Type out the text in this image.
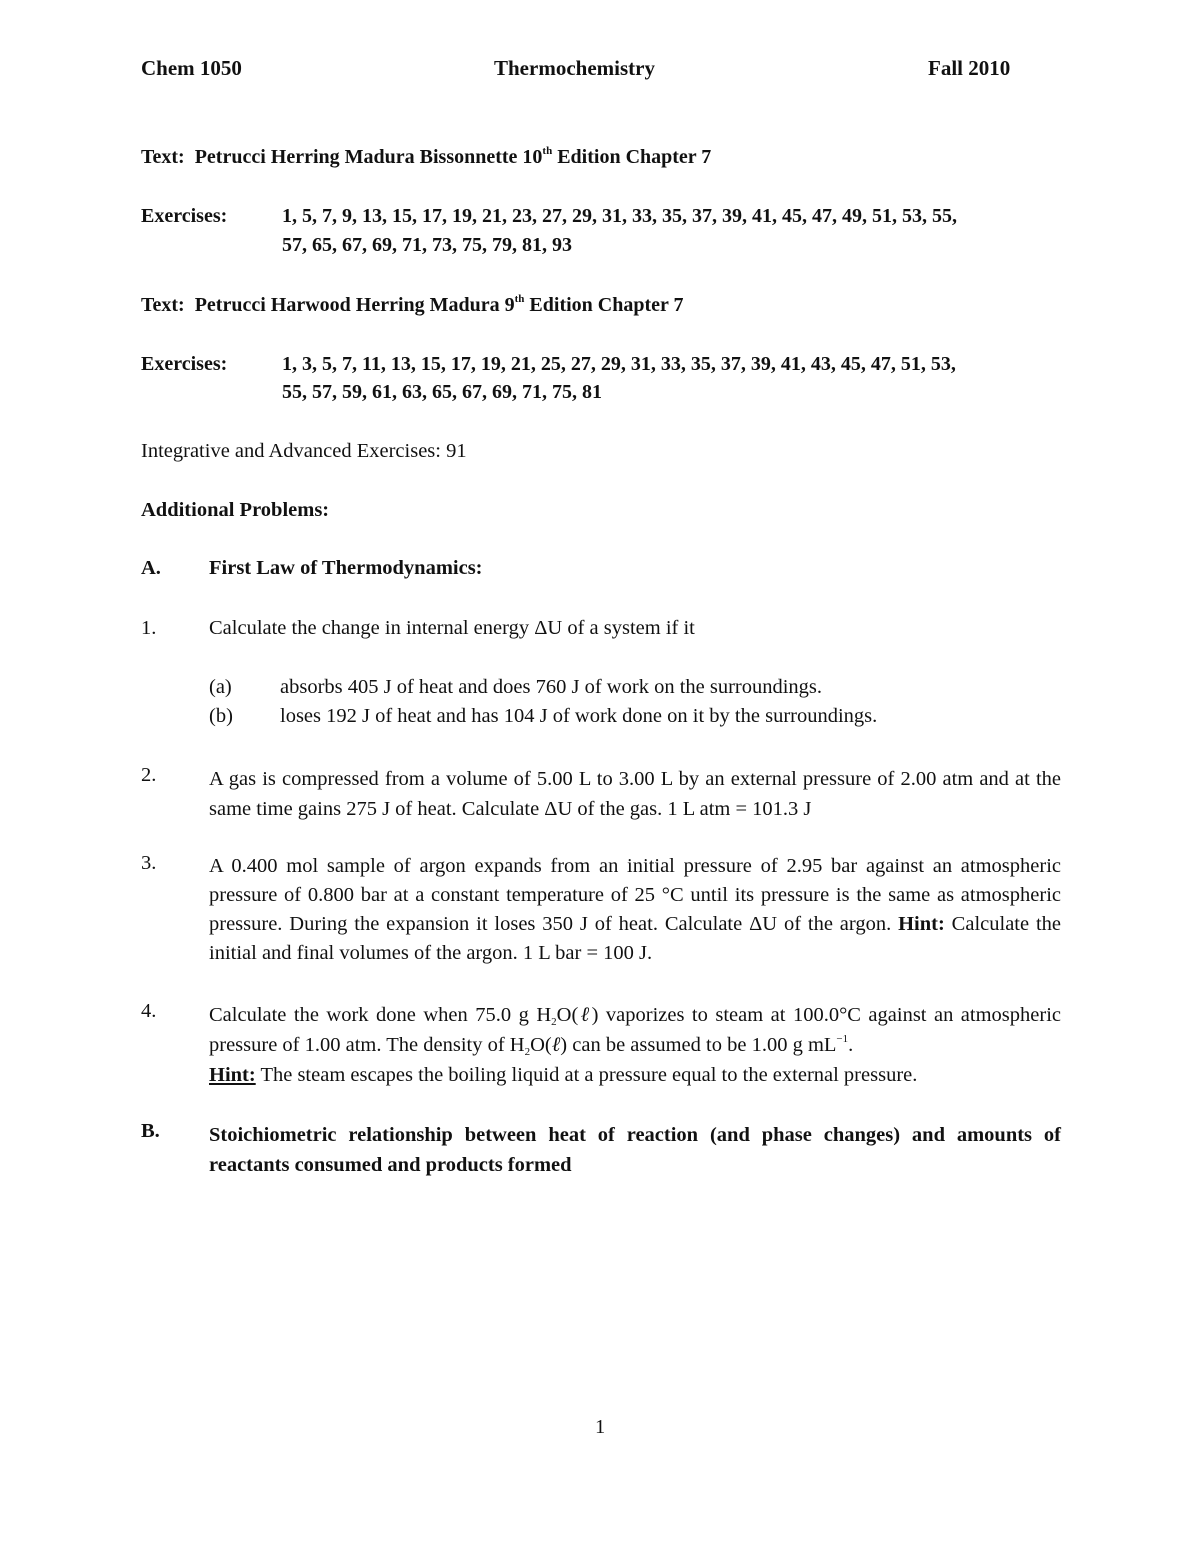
Chem 1050	Thermochemistry	Fall 2010
Text: Petrucci Herring Madura Bissonnette 10th Edition Chapter 7
Exercises:	1, 5, 7, 9, 13, 15, 17, 19, 21, 23, 27, 29, 31, 33, 35, 37, 39, 41, 45, 47, 49, 51, 53, 55,
57, 65, 67, 69, 71, 73, 75, 79, 81, 93
Text: Petrucci Harwood Herring Madura 9th Edition Chapter 7
Exercises:	1, 3, 5, 7, 11, 13, 15, 17, 19, 21, 25, 27, 29, 31, 33, 35, 37, 39, 41, 43, 45, 47, 51, 53,
55, 57, 59, 61, 63, 65, 67, 69, 71, 75, 81
Integrative and Advanced Exercises: 91
Additional Problems:
A. First Law of Thermodynamics:
1.	Calculate the change in internal energy ΔU of a system if it
(a) absorbs 405 J of heat and does 760 J of work on the surroundings.
(b) loses 192 J of heat and has 104 J of work done on it by the surroundings.
2.	A gas is compressed from a volume of 5.00 L to 3.00 L by an external pressure of 2.00 atm and at the same time gains 275 J of heat. Calculate ΔU of the gas. 1 L atm = 101.3 J
3.	A 0.400 mol sample of argon expands from an initial pressure of 2.95 bar against an atmospheric pressure of 0.800 bar at a constant temperature of 25 °C until its pressure is the same as atmospheric pressure. During the expansion it loses 350 J of heat. Calculate ΔU of the argon. Hint: Calculate the initial and final volumes of the argon. 1 L bar = 100 J.
4.	Calculate the work done when 75.0 g $H_2O(\ell)$ vaporizes to steam at 100.0°C against an atmospheric pressure of 1.00 atm. The density of $H_2O(\ell)$ can be assumed to be 1.00 g $mL^{-1}$.
Hint: The steam escapes the boiling liquid at a pressure equal to the external pressure.
B. Stoichiometric relationship between heat of reaction (and phase changes) and amounts of reactants consumed and products formed
1
